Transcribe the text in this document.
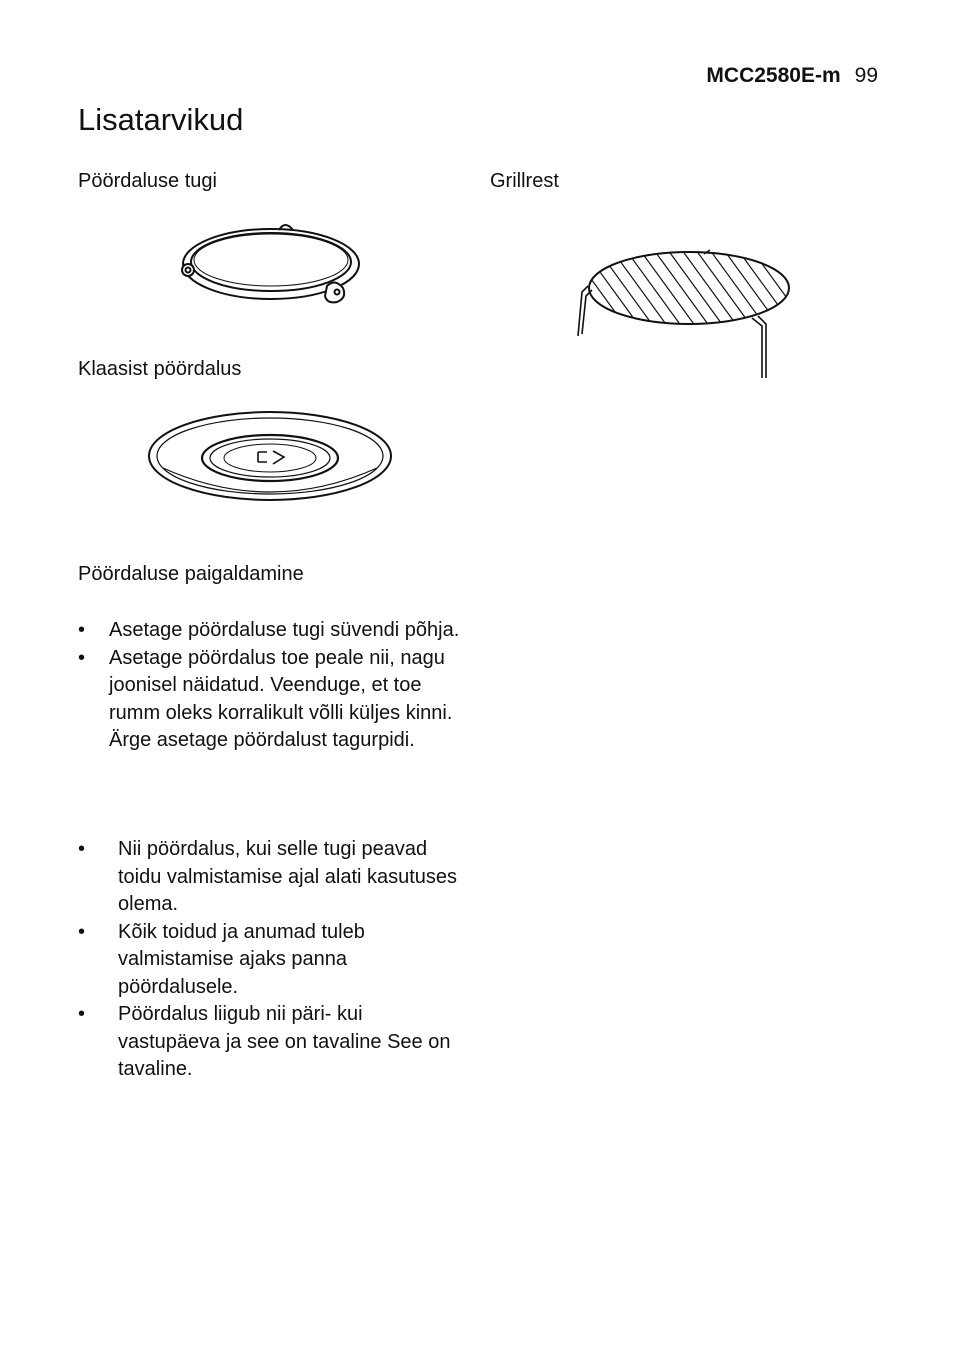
MCC2580E-m 99
Lisatarvikud
Pöördaluse tugi	Grillrest
Klaasist pöördalus
Pöördaluse paigaldamine
• Asetage pöördaluse tugi süvendi põhja.
• Asetage pöördalus toe peale nii, nagu joonisel näidatud. Veenduge, et toe rumm oleks korralikult võlli küljes kinni. Ärge asetage pöördalust tagurpidi.
• Nii pöördalus, kui selle tugi peavad toidu valmistamise ajal alati kasutuses olema.
• Kõik toidud ja anumad tuleb valmistamise ajaks panna pöördalusele.
• Pöördalus liigub nii päri- kui vastupäeva ja see on tavaline See on tavaline.
